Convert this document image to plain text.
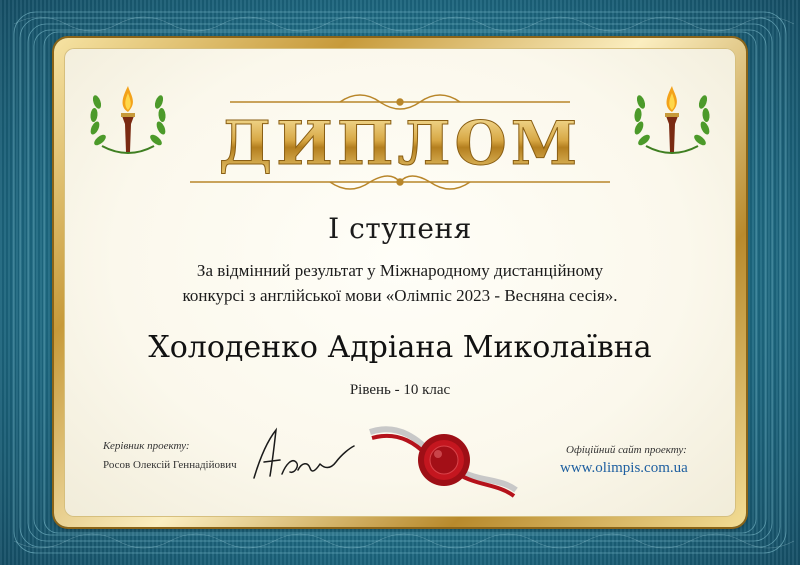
ДИПЛОМ
I ступеня
За відмінний результат у Міжнародному дистанційному
конкурсі з англійської мови «Олімпіс 2023 - Весняна сесія».
Холоденко Адріана Миколаївна
Рівень - 10 клас
Керівник проекту:
Росов Олексій Геннадійович
Офіційний сайт проекту:
www.olimpis.com.ua
